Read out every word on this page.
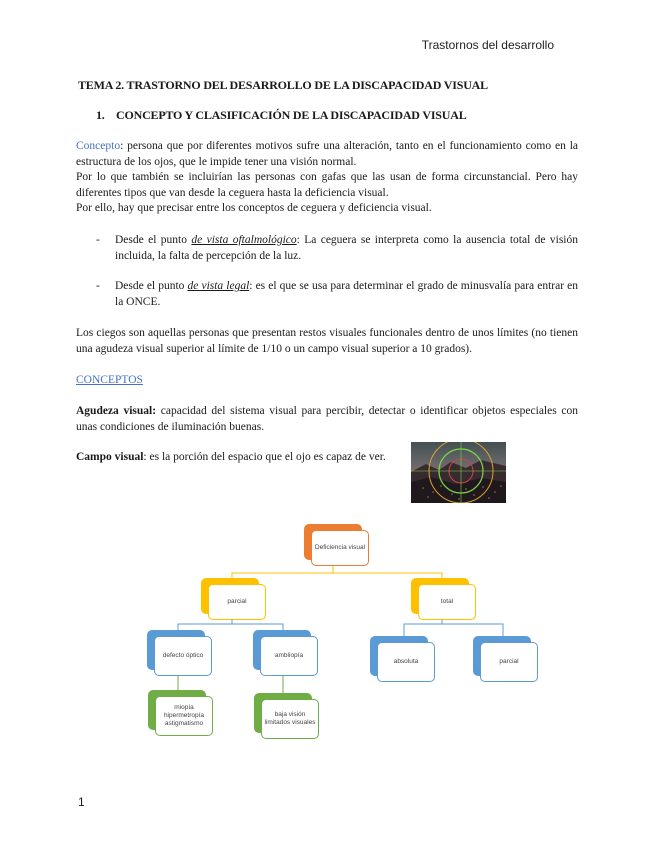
Trastornos del desarrollo
TEMA 2. TRASTORNO DEL DESARROLLO DE LA DISCAPACIDAD VISUAL
1. CONCEPTO Y CLASIFICACIÓN DE LA DISCAPACIDAD VISUAL
Concepto: persona que por diferentes motivos sufre una alteración, tanto en el funcionamiento como en la estructura de los ojos, que le impide tener una visión normal.
Por lo que también se incluirían las personas con gafas que las usan de forma circunstancial. Pero hay diferentes tipos que van desde la ceguera hasta la deficiencia visual.
Por ello, hay que precisar entre los conceptos de ceguera y deficiencia visual.
- Desde el punto de vista oftalmológico: La ceguera se interpreta como la ausencia total de visión incluida, la falta de percepción de la luz.
- Desde el punto de vista legal: es el que se usa para determinar el grado de minusvalía para entrar en la ONCE.
Los ciegos son aquellas personas que presentan restos visuales funcionales dentro de unos límites (no tienen una agudeza visual superior al límite de 1/10 o un campo visual superior a 10 grados).
CONCEPTOS
Agudeza visual: capacidad del sistema visual para percibir, detectar o identificar objetos especiales con unas condiciones de iluminación buenas.
Campo visual: es la porción del espacio que el ojo es capaz de ver.
Deficiencia visual
parcial	total
defecto óptico	ambliopía
absoluta	parcial
miopía
hipermetropía
astigmatismo
baja visión
limitados visuales
1
